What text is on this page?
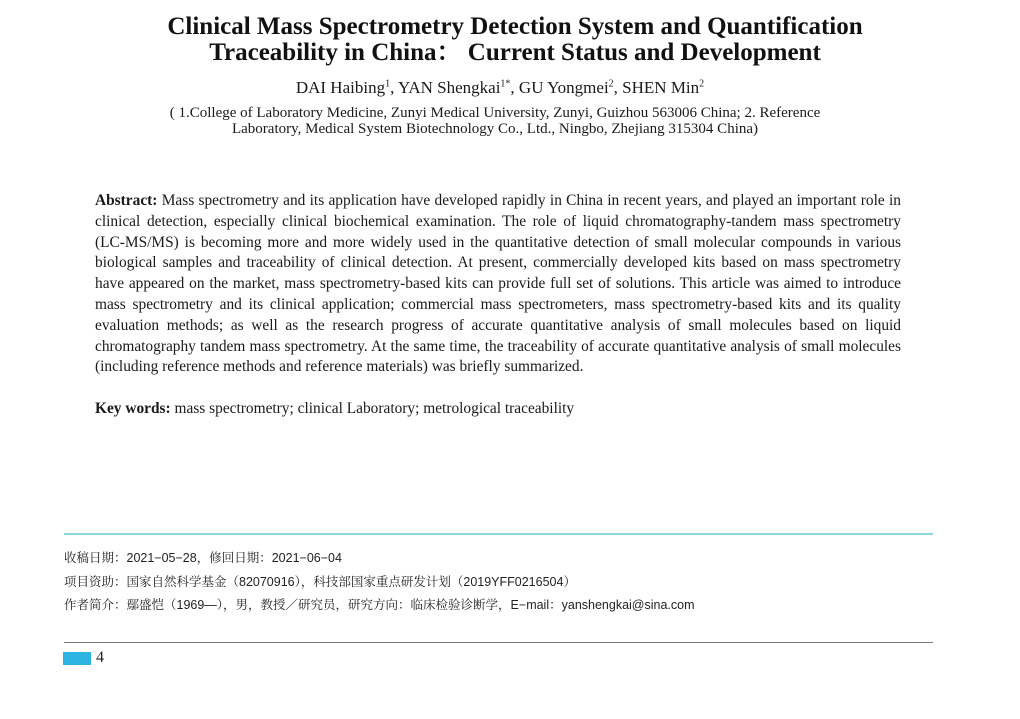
Clinical Mass Spectrometry Detection System and Quantification
Traceability in China： Current Status and Development
DAI Haibing$^1$, YAN Shengkai$^{1*}$, GU Yongmei$^2$, SHEN Min$^2$
( 1.College of Laboratory Medicine, Zunyi Medical University, Zunyi, Guizhou 563006 China; 2. Reference
Laboratory, Medical System Biotechnology Co., Ltd., Ningbo, Zhejiang 315304 China)

Abstract: Mass spectrometry and its application have developed rapidly in China in recent years, and played an important role in clinical detection, especially clinical biochemical examination. The role of liquid chromatography-tandem mass spectrometry (LC-MS/MS) is becoming more and more widely used in the quantitative detection of small molecular compounds in various biological samples and traceability of clinical detection. At present, commercially developed kits based on mass spectrometry have appeared on the market, mass spectrometry-based kits can provide full set of solutions. This article was aimed to introduce mass spectrometry and its clinical application; commercial mass spectrometers, mass spectrometry-based kits and its quality evaluation methods; as well as the research progress of accurate quantitative analysis of small molecules based on liquid chromatography tandem mass spectrometry. At the same time, the traceability of accurate quantitative analysis of small molecules (including reference methods and reference materials) was briefly summarized.

Key words: mass spectrometry; clinical Laboratory; metrological traceability
收稿日期：2021−05−28，修回日期：2021−06−04
项目资助：国家自然科学基金（82070916），科技部国家重点研发计划（2019YFF0216504）
作者简介：鄢盛恺（1969—），男，教授／研究员，研究方向：临床检验诊断学，E−mail：yanshengkai@sina.com
4
